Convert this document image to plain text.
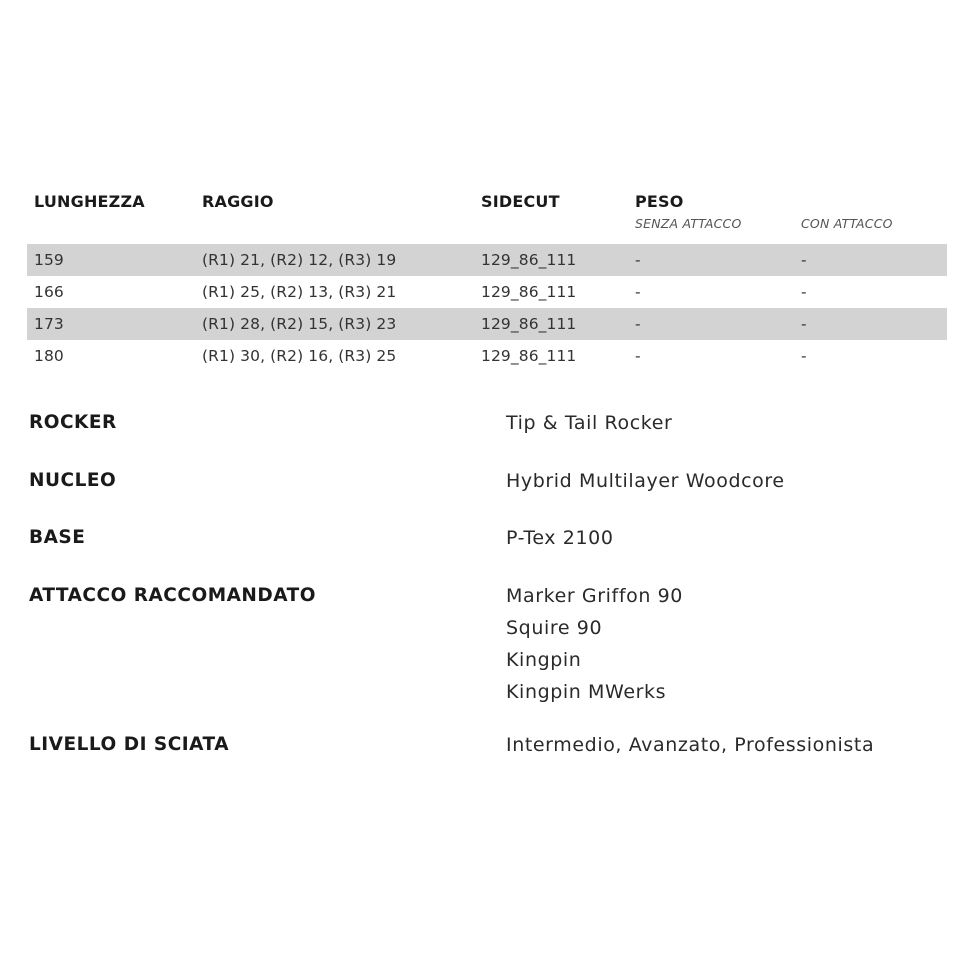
LUNGHEZZA	RAGGIO	SIDECUT	PESO
SENZA ATTACCO	CON ATTACCO
159	(R1) 21, (R2) 12, (R3) 19	129_86_111	-	-
166	(R1) 25, (R2) 13, (R3) 21	129_86_111	-	-
173	(R1) 28, (R2) 15, (R3) 23	129_86_111	-	-
180	(R1) 30, (R2) 16, (R3) 25	129_86_111	-	-
ROCKER	Tip & Tail Rocker
NUCLEO	Hybrid Multilayer Woodcore
BASE	P-Tex 2100
ATTACCO RACCOMANDATO	Marker Griffon 90
Squire 90
Kingpin
Kingpin MWerks
LIVELLO DI SCIATA	Intermedio, Avanzato, Professionista
